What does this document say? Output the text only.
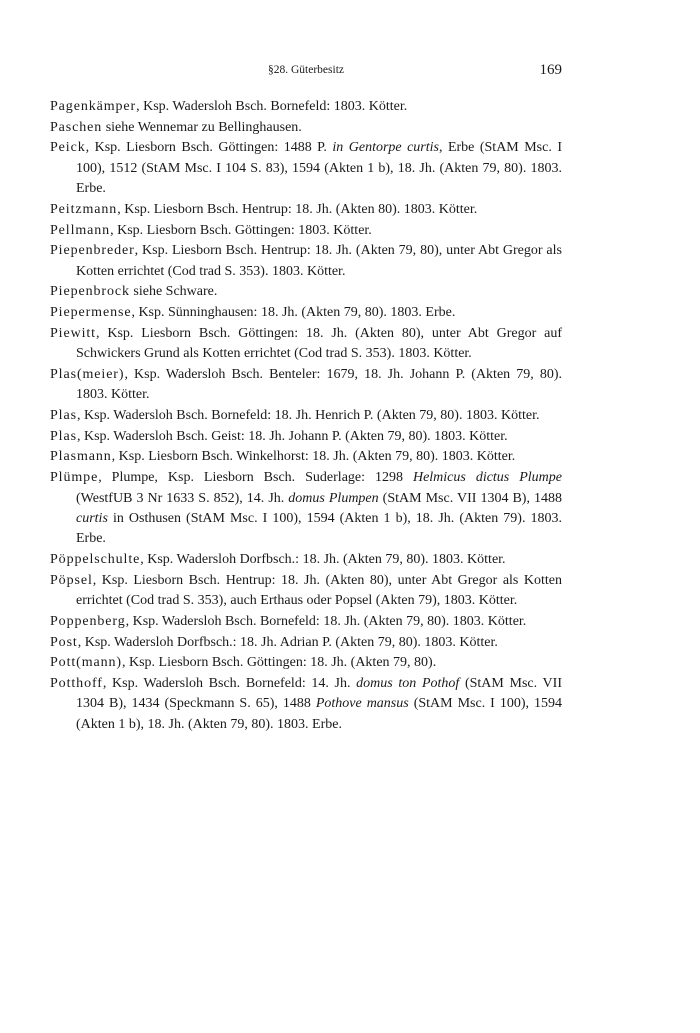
§28. Güterbesitz	169

Pagenkämper, Ksp. Wadersloh Bsch. Bornefeld: 1803. Kötter.

Paschen siehe Wennemar zu Bellinghausen.

Peick, Ksp. Liesborn Bsch. Göttingen: 1488 P. in Gentorpe curtis, Erbe (StAM Msc. I 100), 1512 (StAM Msc. I 104 S. 83), 1594 (Akten 1 b), 18. Jh. (Akten 79, 80). 1803. Erbe.

Peitzmann, Ksp. Liesborn Bsch. Hentrup: 18. Jh. (Akten 80). 1803. Kötter.

Pellmann, Ksp. Liesborn Bsch. Göttingen: 1803. Kötter.

Piepenbreder, Ksp. Liesborn Bsch. Hentrup: 18. Jh. (Akten 79, 80), unter Abt Gregor als Kotten errichtet (Cod trad S. 353). 1803. Kötter.

Piepenbrock siehe Schware.

Piepermense, Ksp. Sünninghausen: 18. Jh. (Akten 79, 80). 1803. Erbe.

Piewitt, Ksp. Liesborn Bsch. Göttingen: 18. Jh. (Akten 80), unter Abt Gregor auf Schwickers Grund als Kotten errichtet (Cod trad S. 353). 1803. Kötter.

Plas(meier), Ksp. Wadersloh Bsch. Benteler: 1679, 18. Jh. Johann P. (Akten 79, 80). 1803. Kötter.

Plas, Ksp. Wadersloh Bsch. Bornefeld: 18. Jh. Henrich P. (Akten 79, 80). 1803. Kötter.

Plas, Ksp. Wadersloh Bsch. Geist: 18. Jh. Johann P. (Akten 79, 80). 1803. Kötter.

Plasmann, Ksp. Liesborn Bsch. Winkelhorst: 18. Jh. (Akten 79, 80). 1803. Kötter.

Plümpe, Plumpe, Ksp. Liesborn Bsch. Suderlage: 1298 Helmicus dictus Plumpe (WestfUB 3 Nr 1633 S. 852), 14. Jh. domus Plumpen (StAM Msc. VII 1304 B), 1488 curtis in Osthusen (StAM Msc. I 100), 1594 (Akten 1 b), 18. Jh. (Akten 79). 1803. Erbe.

Pöppelschulte, Ksp. Wadersloh Dorfbsch.: 18. Jh. (Akten 79, 80). 1803. Kötter.

Pöpsel, Ksp. Liesborn Bsch. Hentrup: 18. Jh. (Akten 80), unter Abt Gregor als Kotten errichtet (Cod trad S. 353), auch Erthaus oder Popsel (Akten 79), 1803. Kötter.

Poppenberg, Ksp. Wadersloh Bsch. Bornefeld: 18. Jh. (Akten 79, 80). 1803. Kötter.

Post, Ksp. Wadersloh Dorfbsch.: 18. Jh. Adrian P. (Akten 79, 80). 1803. Kötter.

Pott(mann), Ksp. Liesborn Bsch. Göttingen: 18. Jh. (Akten 79, 80).

Potthoff, Ksp. Wadersloh Bsch. Bornefeld: 14. Jh. domus ton Pothof (StAM Msc. VII 1304 B), 1434 (Speckmann S. 65), 1488 Pothove mansus (StAM Msc. I 100), 1594 (Akten 1 b), 18. Jh. (Akten 79, 80). 1803. Erbe.
